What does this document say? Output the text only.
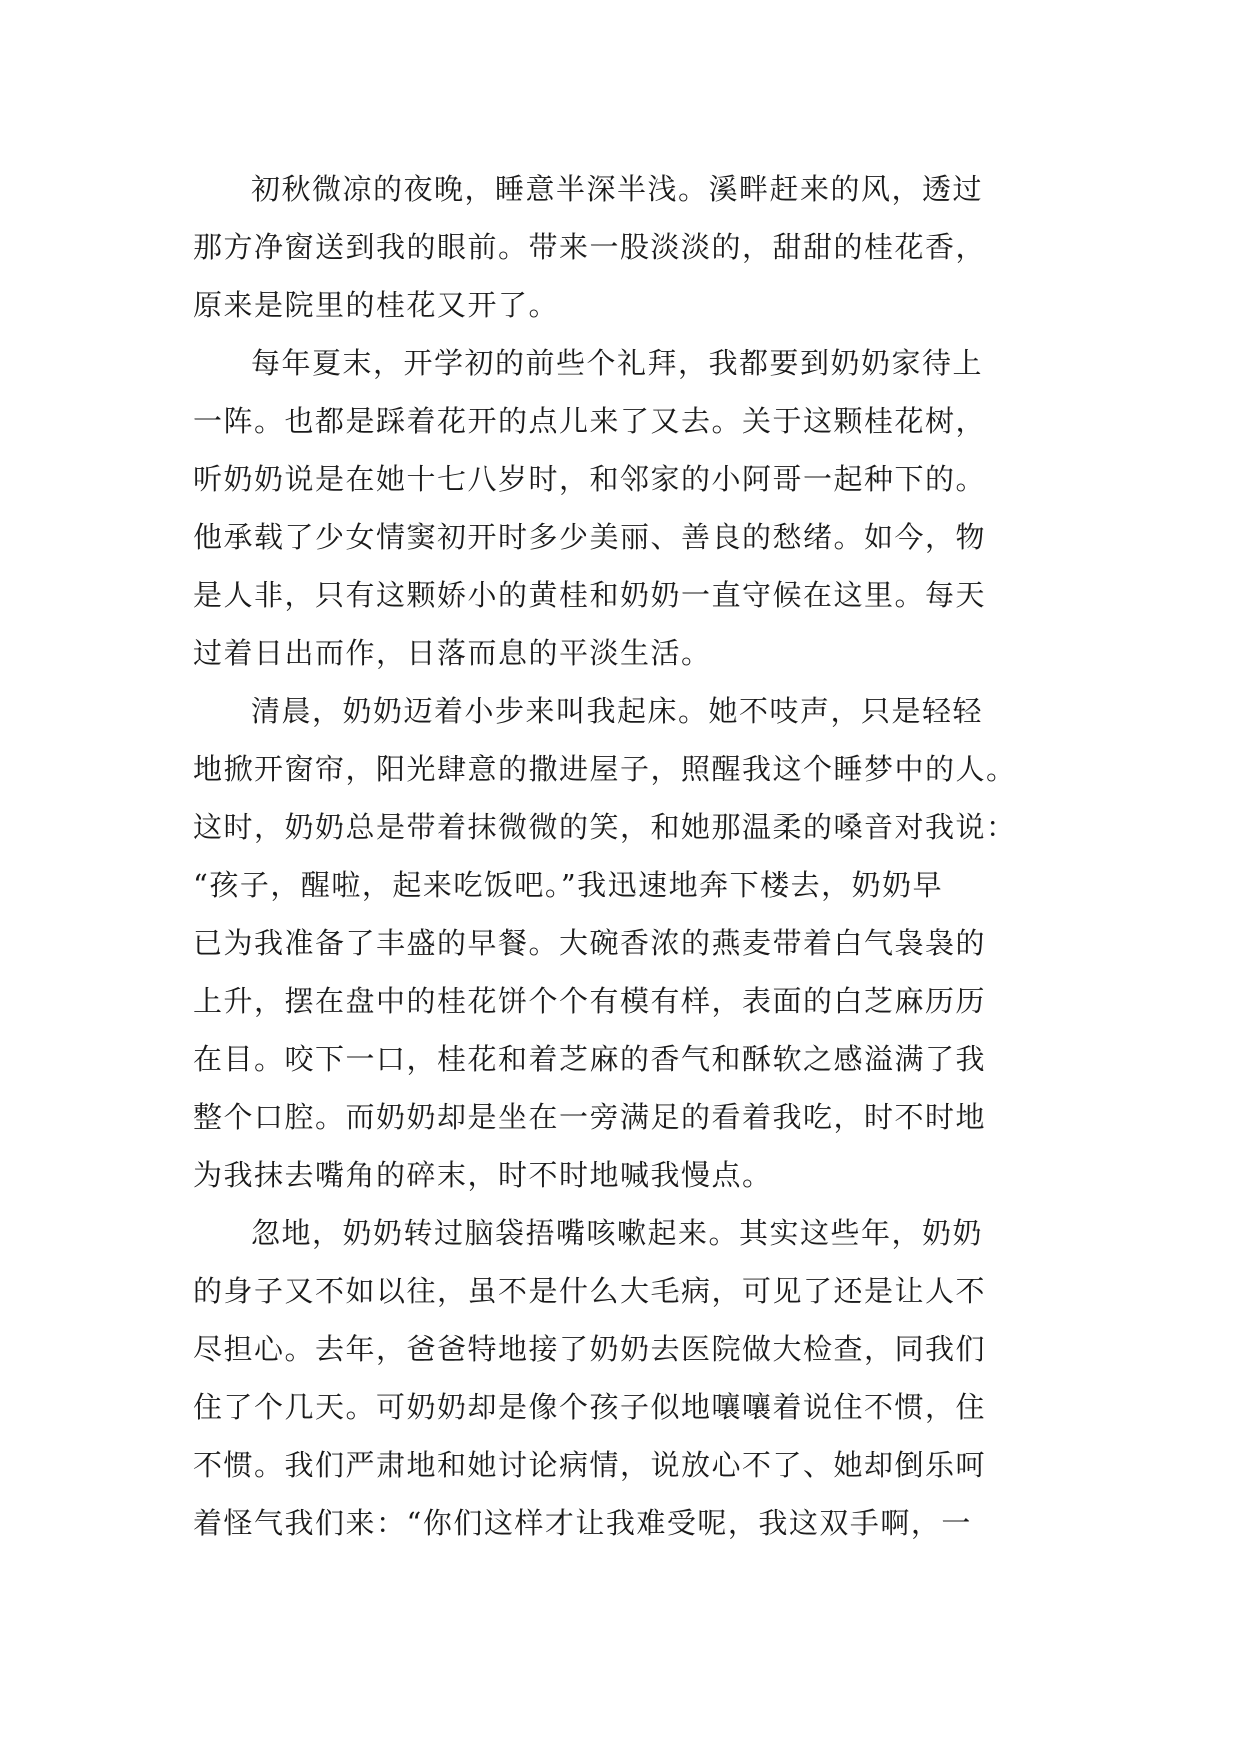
初秋微凉的夜晚，睡意半深半浅。溪畔赶来的风，透过
那方净窗送到我的眼前。带来一股淡淡的，甜甜的桂花香，
原来是院里的桂花又开了。
每年夏末，开学初的前些个礼拜，我都要到奶奶家待上
一阵。也都是踩着花开的点儿来了又去。关于这颗桂花树，
听奶奶说是在她十七八岁时，和邻家的小阿哥一起种下的。
他承载了少女情窦初开时多少美丽、善良的愁绪。如今，物
是人非，只有这颗娇小的黄桂和奶奶一直守候在这里。每天
过着日出而作，日落而息的平淡生活。
清晨，奶奶迈着小步来叫我起床。她不吱声，只是轻轻
地掀开窗帘，阳光肆意的撒进屋子，照醒我这个睡梦中的人。
这时，奶奶总是带着抹微微的笑，和她那温柔的嗓音对我说：
“孩子，醒啦，起来吃饭吧。”我迅速地奔下楼去，奶奶早
已为我准备了丰盛的早餐。大碗香浓的燕麦带着白气袅袅的
上升，摆在盘中的桂花饼个个有模有样，表面的白芝麻历历
在目。咬下一口，桂花和着芝麻的香气和酥软之感溢满了我
整个口腔。而奶奶却是坐在一旁满足的看着我吃，时不时地
为我抹去嘴角的碎末，时不时地喊我慢点。
忽地，奶奶转过脑袋捂嘴咳嗽起来。其实这些年，奶奶
的身子又不如以往，虽不是什么大毛病，可见了还是让人不
尽担心。去年，爸爸特地接了奶奶去医院做大检查，同我们
住了个几天。可奶奶却是像个孩子似地嚷嚷着说住不惯，住
不惯。我们严肃地和她讨论病情，说放心不了、她却倒乐呵
着怪气我们来：“你们这样才让我难受呢，我这双手啊，一
